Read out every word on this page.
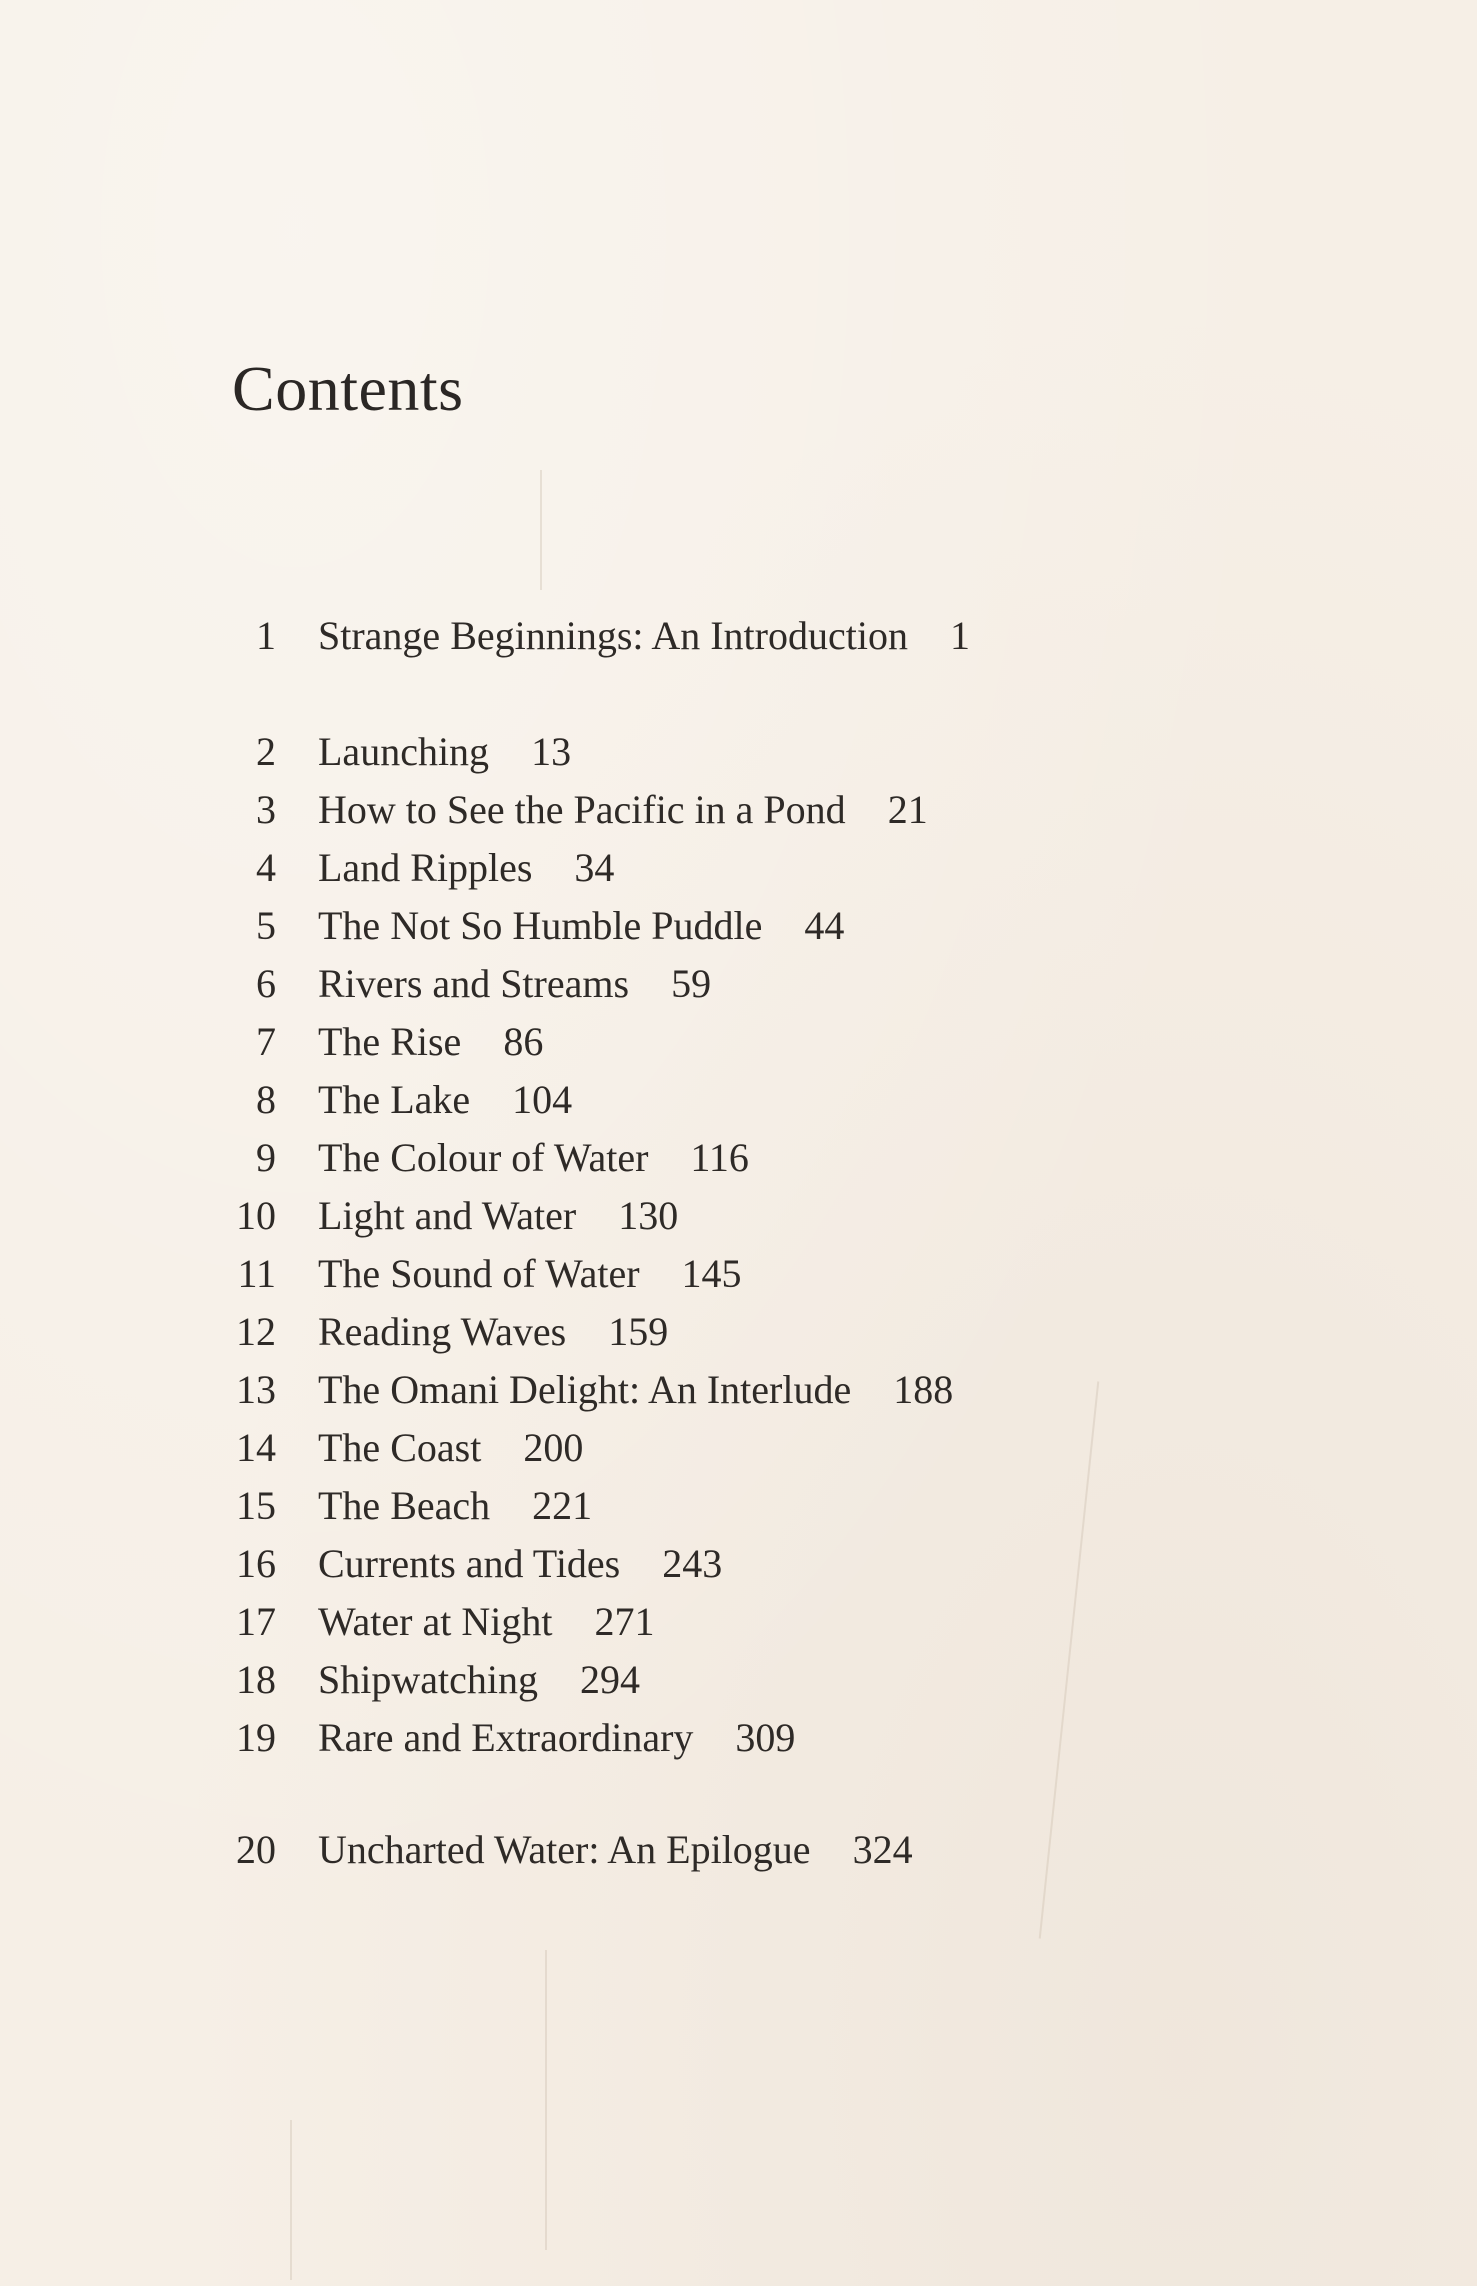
Contents
1 Strange Beginnings: An Introduction 1
2 Launching 13
3 How to See the Pacific in a Pond 21
4 Land Ripples 34
5 The Not So Humble Puddle 44
6 Rivers and Streams 59
7 The Rise 86
8 The Lake 104
9 The Colour of Water 116
10 Light and Water 130
11 The Sound of Water 145
12 Reading Waves 159
13 The Omani Delight: An Interlude 188
14 The Coast 200
15 The Beach 221
16 Currents and Tides 243
17 Water at Night 271
18 Shipwatching 294
19 Rare and Extraordinary 309
20 Uncharted Water: An Epilogue 324
